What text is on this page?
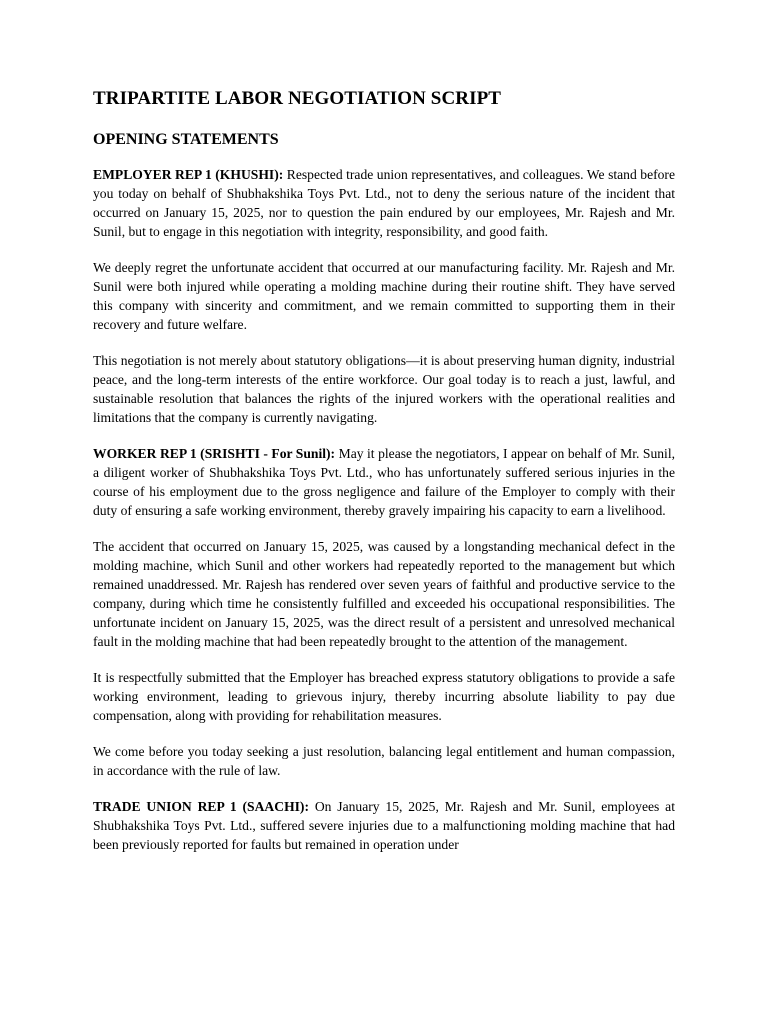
TRIPARTITE LABOR NEGOTIATION SCRIPT
OPENING STATEMENTS

EMPLOYER REP 1 (KHUSHI): Respected trade union representatives, and colleagues. We stand before you today on behalf of Shubhakshika Toys Pvt. Ltd., not to deny the serious nature of the incident that occurred on January 15, 2025, nor to question the pain endured by our employees, Mr. Rajesh and Mr. Sunil, but to engage in this negotiation with integrity, responsibility, and good faith.

We deeply regret the unfortunate accident that occurred at our manufacturing facility. Mr. Rajesh and Mr. Sunil were both injured while operating a molding machine during their routine shift. They have served this company with sincerity and commitment, and we remain committed to supporting them in their recovery and future welfare.

This negotiation is not merely about statutory obligations—it is about preserving human dignity, industrial peace, and the long-term interests of the entire workforce. Our goal today is to reach a just, lawful, and sustainable resolution that balances the rights of the injured workers with the operational realities and limitations that the company is currently navigating.

WORKER REP 1 (SRISHTI - For Sunil): May it please the negotiators, I appear on behalf of Mr. Sunil, a diligent worker of Shubhakshika Toys Pvt. Ltd., who has unfortunately suffered serious injuries in the course of his employment due to the gross negligence and failure of the Employer to comply with their duty of ensuring a safe working environment, thereby gravely impairing his capacity to earn a livelihood.

The accident that occurred on January 15, 2025, was caused by a longstanding mechanical defect in the molding machine, which Sunil and other workers had repeatedly reported to the management but which remained unaddressed. Mr. Rajesh has rendered over seven years of faithful and productive service to the company, during which time he consistently fulfilled and exceeded his occupational responsibilities. The unfortunate incident on January 15, 2025, was the direct result of a persistent and unresolved mechanical fault in the molding machine that had been repeatedly brought to the attention of the management.

It is respectfully submitted that the Employer has breached express statutory obligations to provide a safe working environment, leading to grievous injury, thereby incurring absolute liability to pay due compensation, along with providing for rehabilitation measures.

We come before you today seeking a just resolution, balancing legal entitlement and human compassion, in accordance with the rule of law.

TRADE UNION REP 1 (SAACHI): On January 15, 2025, Mr. Rajesh and Mr. Sunil, employees at Shubhakshika Toys Pvt. Ltd., suffered severe injuries due to a malfunctioning molding machine that had been previously reported for faults but remained in operation under
